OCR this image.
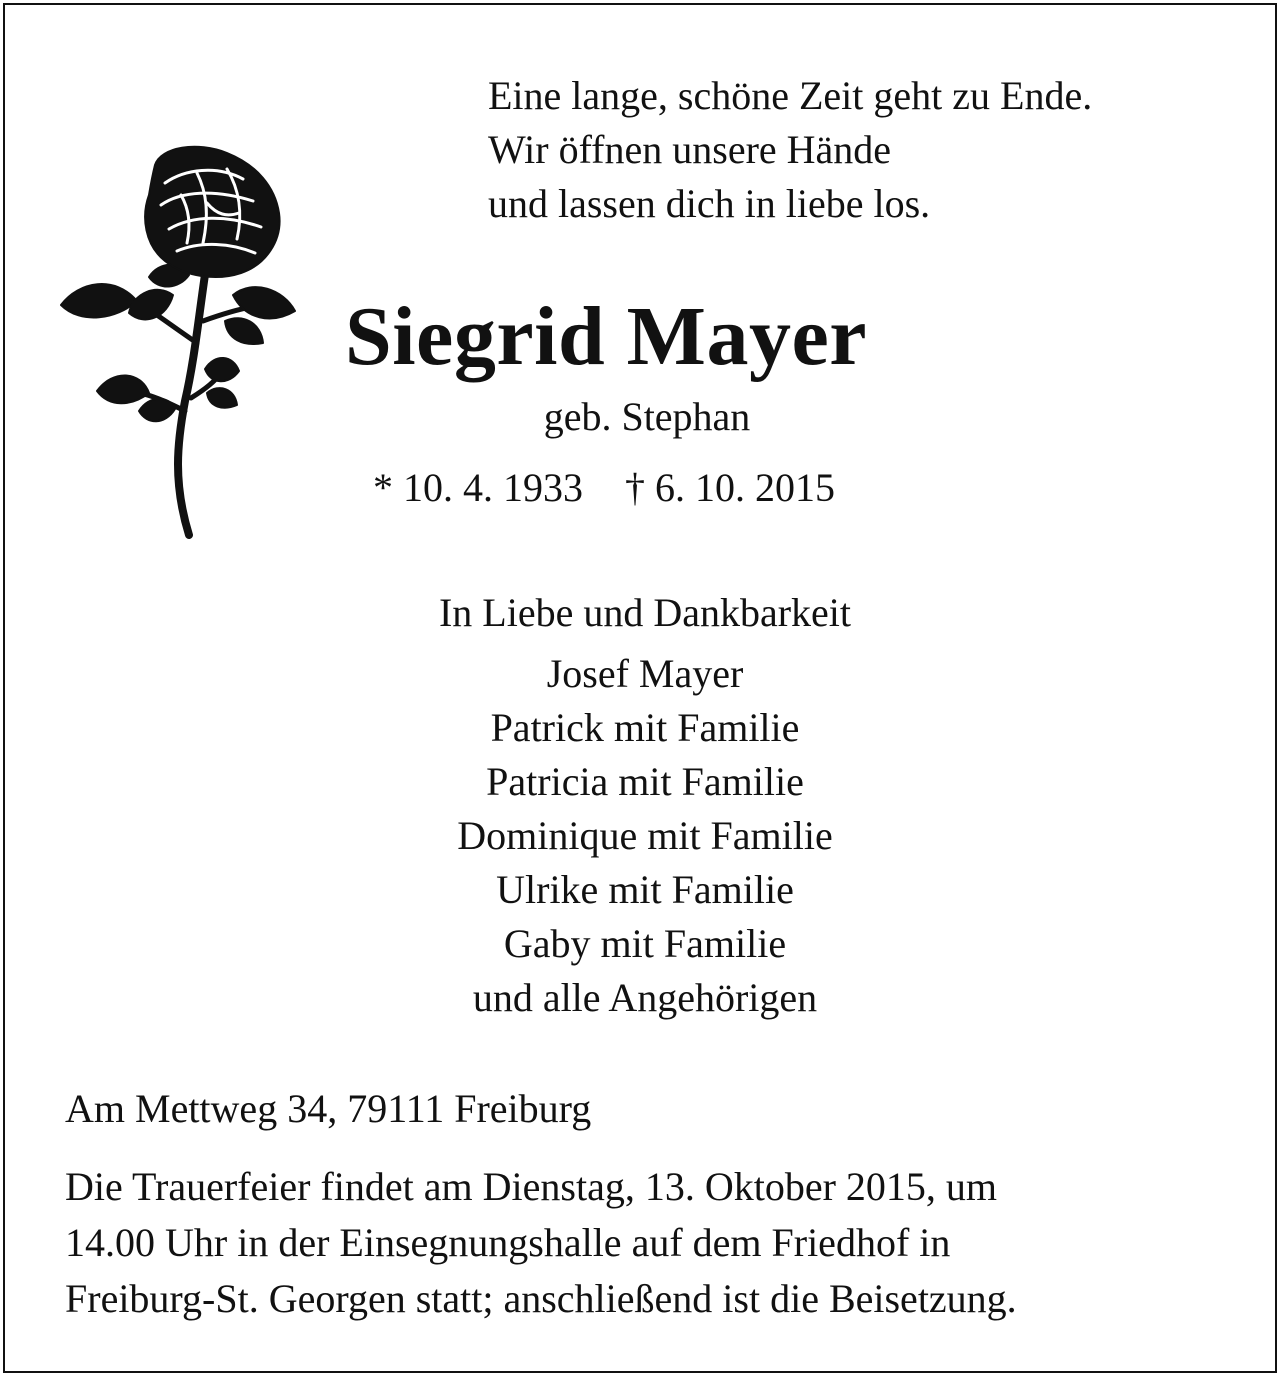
Eine lange, schöne Zeit geht zu Ende.
Wir öffnen unsere Hände
und lassen dich in liebe los.
Siegrid Mayer
geb. Stephan
* 10. 4. 1933 † 6. 10. 2015
In Liebe und Dankbarkeit
Josef Mayer
Patrick mit Familie
Patricia mit Familie
Dominique mit Familie
Ulrike mit Familie
Gaby mit Familie
und alle Angehörigen
Am Mettweg 34, 79111 Freiburg
Die Trauerfeier findet am Dienstag, 13. Oktober 2015, um
14.00 Uhr in der Einsegnungshalle auf dem Friedhof in
Freiburg-St. Georgen statt; anschließend ist die Beisetzung.
